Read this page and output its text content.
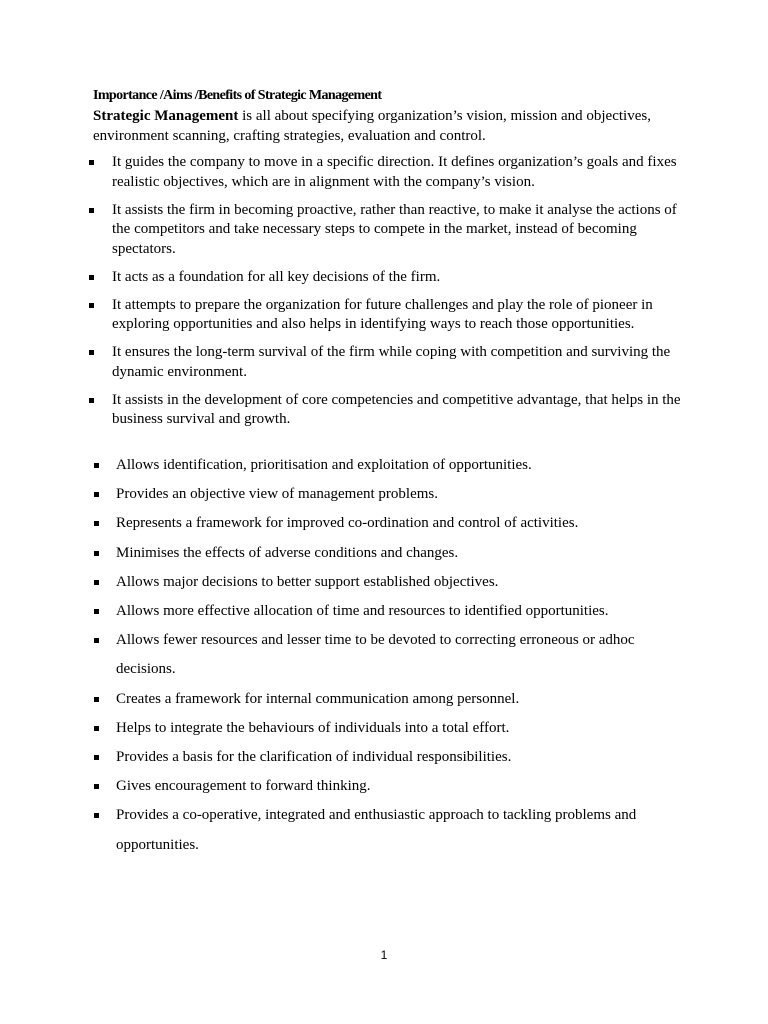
Importance /Aims /Benefits of Strategic Management
Strategic Management is all about specifying organization’s vision, mission and objectives, environment scanning, crafting strategies, evaluation and control.
It guides the company to move in a specific direction. It defines organization’s goals and fixes realistic objectives, which are in alignment with the company’s vision.
It assists the firm in becoming proactive, rather than reactive, to make it analyse the actions of the competitors and take necessary steps to compete in the market, instead of becoming spectators.
It acts as a foundation for all key decisions of the firm.
It attempts to prepare the organization for future challenges and play the role of pioneer in exploring opportunities and also helps in identifying ways to reach those opportunities.
It ensures the long-term survival of the firm while coping with competition and surviving the dynamic environment.
It assists in the development of core competencies and competitive advantage, that helps in the business survival and growth.
Allows identification, prioritisation and exploitation of opportunities.
Provides an objective view of management problems.
Represents a framework for improved co-ordination and control of activities.
Minimises the effects of adverse conditions and changes.
Allows major decisions to better support established objectives.
Allows more effective allocation of time and resources to identified opportunities.
Allows fewer resources and lesser time to be devoted to correcting erroneous or adhoc decisions.
Creates a framework for internal communication among personnel.
Helps to integrate the behaviours of individuals into a total effort.
Provides a basis for the clarification of individual responsibilities.
Gives encouragement to forward thinking.
Provides a co-operative, integrated and enthusiastic approach to tackling problems and opportunities.
1
